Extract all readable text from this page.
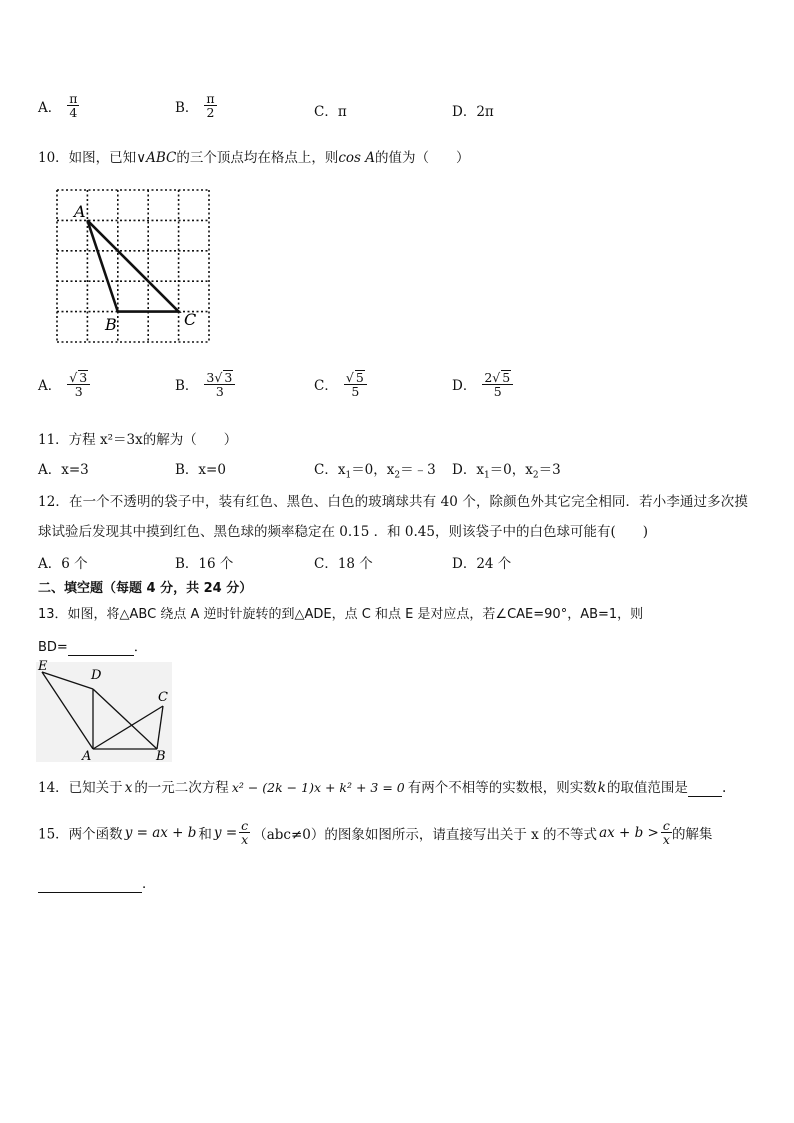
A． $\frac{\pi}{4}$	B． $\frac{\pi}{2}$	C．π	D．2π
10．如图，已知∨ABC的三个顶点均在格点上，则cos A的值为（　　）
A
B	C
A． $\frac{√ 3}{3}$	B． $\frac{3√ 3}{3}$	C． $\frac{√ 5}{5}$	D． $\frac{2√ 5}{5}$
11．方程 x²＝3x的解为（　　）
A．x=3	B．x=0	C．$x_1=0$，$x_2=﹣3$ D．$x_1=0$，$x_2=3$
12．在一个不透明的袋子中，装有红色、黑色、白色的玻璃球共有 40 个，除颜色外其它完全相同．若小李通过多次摸
球试验后发现其中摸到红色、黑色球的频率稳定在 0.15 ．和 0.45，则该袋子中的白色球可能有(　　)
A．6 个	B．16 个	C．18 个	D．24 个
二、填空题（每题 4 分，共 24 分）
13．如图，将△ABC 绕点 A 逆时针旋转的到△ADE，点 C 和点 E 是对应点，若∠CAE=90°，AB=1，则
BD=	．
E
D
C
A	B
14．已知关于 x 的一元二次方程 x² − (2k − 1)x + k² + 3 = 0 有两个不相等的实数根，则实数k的取值范围是	.
15．两个函数 y = ax + b 和 $y = \frac{c}{x} (abc\ne 0)$的图象如图所示，请直接写出关于 x 的不等式 ax + $b > \frac{c}{x}$ 的解集
．
